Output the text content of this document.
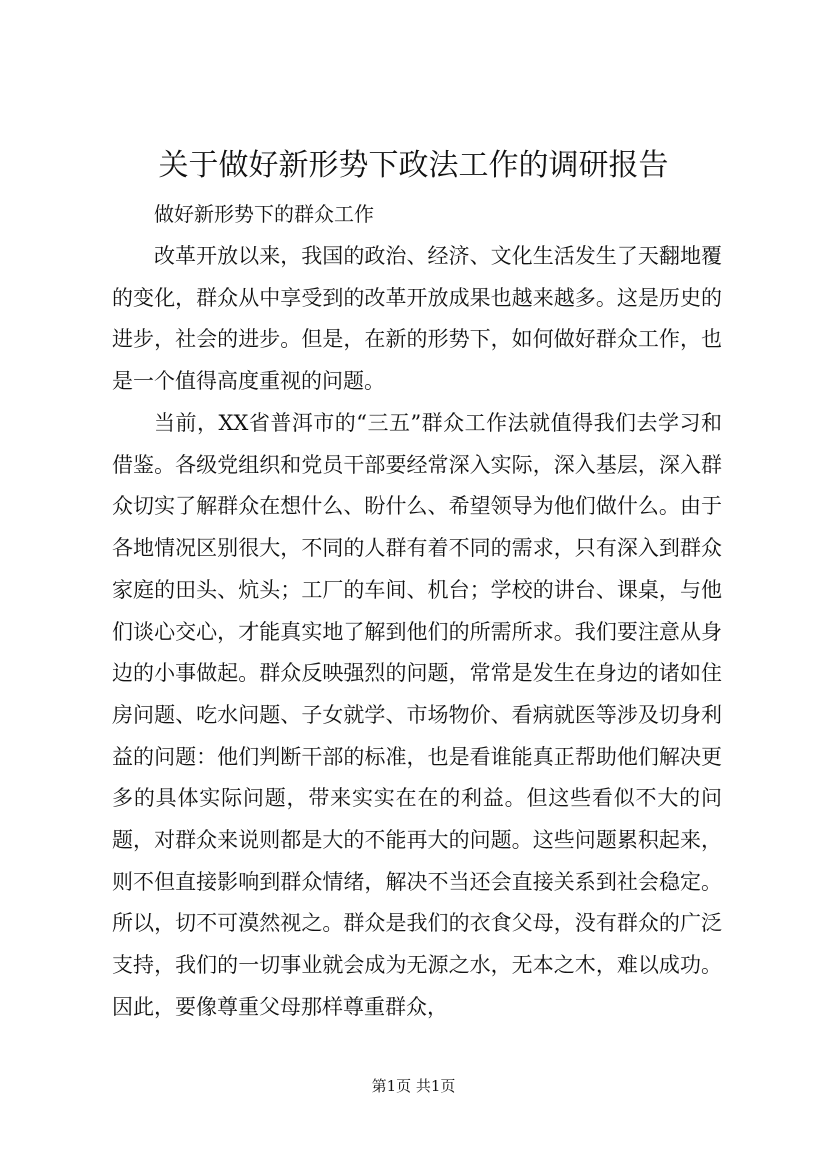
关于做好新形势下政法工作的调研报告
做好新形势下的群众工作
改革开放以来，我国的政治、经济、文化生活发生了天翻地覆的变化，群众从中享受到的改革开放成果也越来越多。这是历史的进步，社会的进步。但是，在新的形势下，如何做好群众工作，也是一个值得高度重视的问题。
当前，XX省普洱市的“三五”群众工作法就值得我们去学习和借鉴。各级党组织和党员干部要经常深入实际，深入基层，深入群众切实了解群众在想什么、盼什么、希望领导为他们做什么。由于各地情况区别很大，不同的人群有着不同的需求，只有深入到群众家庭的田头、炕头；工厂的车间、机台；学校的讲台、课桌，与他们谈心交心，才能真实地了解到他们的所需所求。我们要注意从身边的小事做起。群众反映强烈的问题，常常是发生在身边的诸如住房问题、吃水问题、子女就学、市场物价、看病就医等涉及切身利益的问题：他们判断干部的标准，也是看谁能真正帮助他们解决更多的具体实际问题，带来实实在在的利益。但这些看似不大的问题，对群众来说则都是大的不能再大的问题。这些问题累积起来，则不但直接影响到群众情绪，解决不当还会直接关系到社会稳定。所以，切不可漠然视之。群众是我们的衣食父母，没有群众的广泛支持，我们的一切事业就会成为无源之水，无本之木，难以成功。因此，要像尊重父母那样尊重群众，
第1页 共1页
